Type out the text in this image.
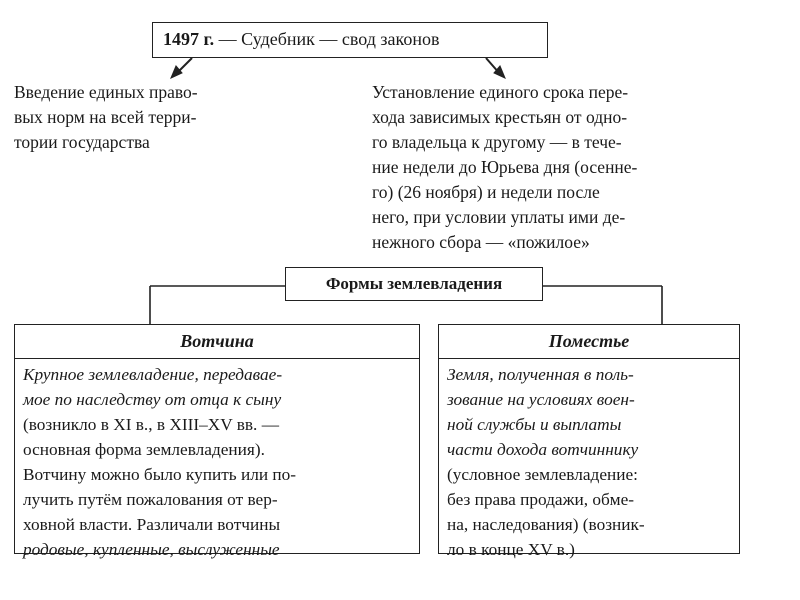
1497 г. — Судебник — свод законов
Введение единых право-
вых норм на всей терри-
тории государства
Установление единого срока пере-
хода зависимых крестьян от одно-
го владельца к другому — в тече-
ние недели до Юрьева дня (осенне-
го) (26 ноября) и недели после
него, при условии уплаты ими де-
нежного сбора — «пожилое»
Формы землевладения
Вотчина
Крупное землевладение, передавае-
мое по наследству от отца к сыну
(возникло в XI в., в XIII–XV вв. —
основная форма землевладения).
Вотчину можно было купить или по-
лучить путём пожалования от вер-
ховной власти. Различали вотчины
родовые, купленные, выслуженные
Поместье
Земля, полученная в поль-
зование на условиях воен-
ной службы и выплаты
части дохода вотчиннику
(условное землевладение:
без права продажи, обме-
на, наследования) (возник-
ло в конце XV в.)
